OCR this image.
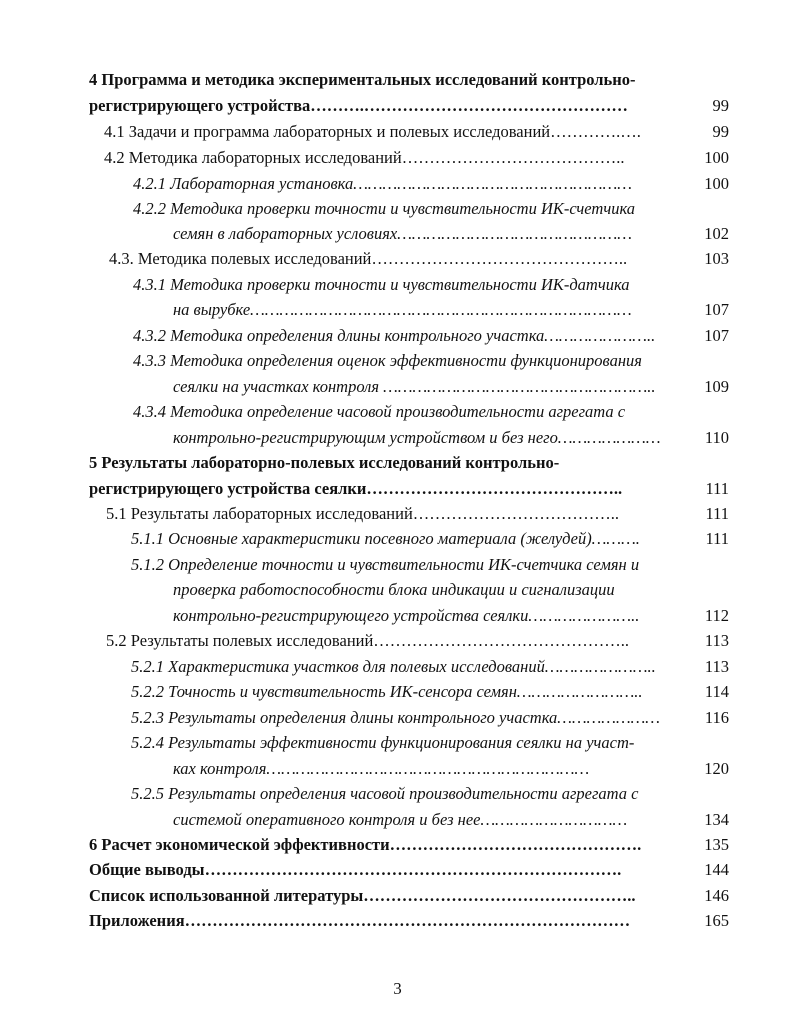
4 Программа и методика экспериментальных исследований контрольно-
регистрирующего устройства……….…………………………………………	99
4.1 Задачи и программа лабораторных и полевых исследований………….….	99
4.2 Методика лабораторных исследований…………………………………..	100
4.2.1 Лабораторная установка…………………………………………………	100
4.2.2 Методика проверки точности и чувствительности ИК-счетчика
семян в лабораторных условиях…………………………………………	102
4.3. Методика полевых исследований………………………………………..	103
4.3.1 Методика проверки точности и чувствительности ИК-датчика
на вырубке……………………………………………………………………	107
4.3.2 Методика определения длины контрольного участка…………………..	107
4.3.3 Методика определения оценок эффективности функционирования
сеялки на участках контроля ………………………………………………..	109
4.3.4 Методика определение часовой производительности агрегата с
контрольно-регистрирующим устройством и без него…………………	110
5 Результаты лабораторно-полевых исследований контрольно-
регистрирующего устройства сеялки………………………………………..	111
5.1 Результаты лабораторных исследований………………………………..	111
5.1.1 Основные характеристики посевного материала (желудей)……….	111
5.1.2 Определение точности и чувствительности ИК-счетчика семян и
проверка работоспособности блока индикации и сигнализации
контрольно-регистрирующего устройства сеялки…………………..	112
5.2 Результаты полевых исследований………………………………………..	113
5.2.1 Характеристика участков для полевых исследований…………………..	113
5.2.2 Точность и чувствительность ИК-сенсора семян……………………..	114
5.2.3 Результаты определения длины контрольного участка…………………	116
5.2.4 Результаты эффективности функционирования сеялки на участ-
ках контроля…………………………………………………………	120
5.2.5 Результаты определения часовой производительности агрегата с
системой оперативного контроля и без нее…………………………	134
6 Расчет экономической эффективности……………………………………….	135
Общие выводы………………………………………………………………….	144
Список использованной литературы…………………………………………..	146
Приложения………………………………………………………………………	165
3
